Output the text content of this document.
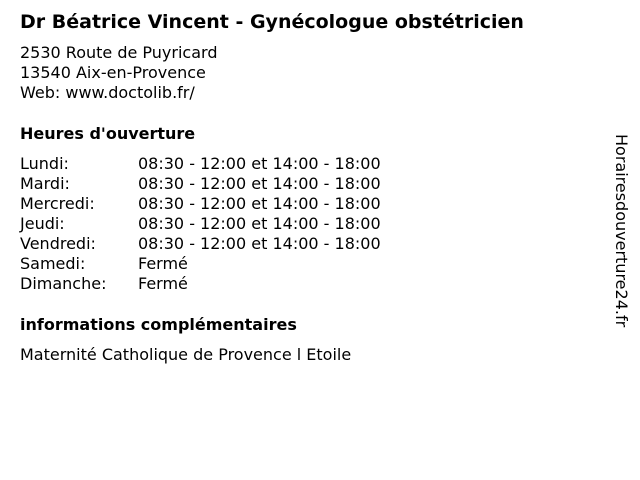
Dr Béatrice Vincent - Gynécologue obstétricien
2530 Route de Puyricard
13540 Aix-en-Provence
Web: www.doctolib.fr/
Heures d'ouverture
Lundi:	08:30 - 12:00 et 14:00 - 18:00
Mardi:	08:30 - 12:00 et 14:00 - 18:00
Mercredi:	08:30 - 12:00 et 14:00 - 18:00
Jeudi:	08:30 - 12:00 et 14:00 - 18:00
Vendredi:	08:30 - 12:00 et 14:00 - 18:00
Samedi:	Fermé
Dimanche:	Fermé
informations complémentaires
Maternité Catholique de Provence l Etoile
Horairesdouverture24.fr
